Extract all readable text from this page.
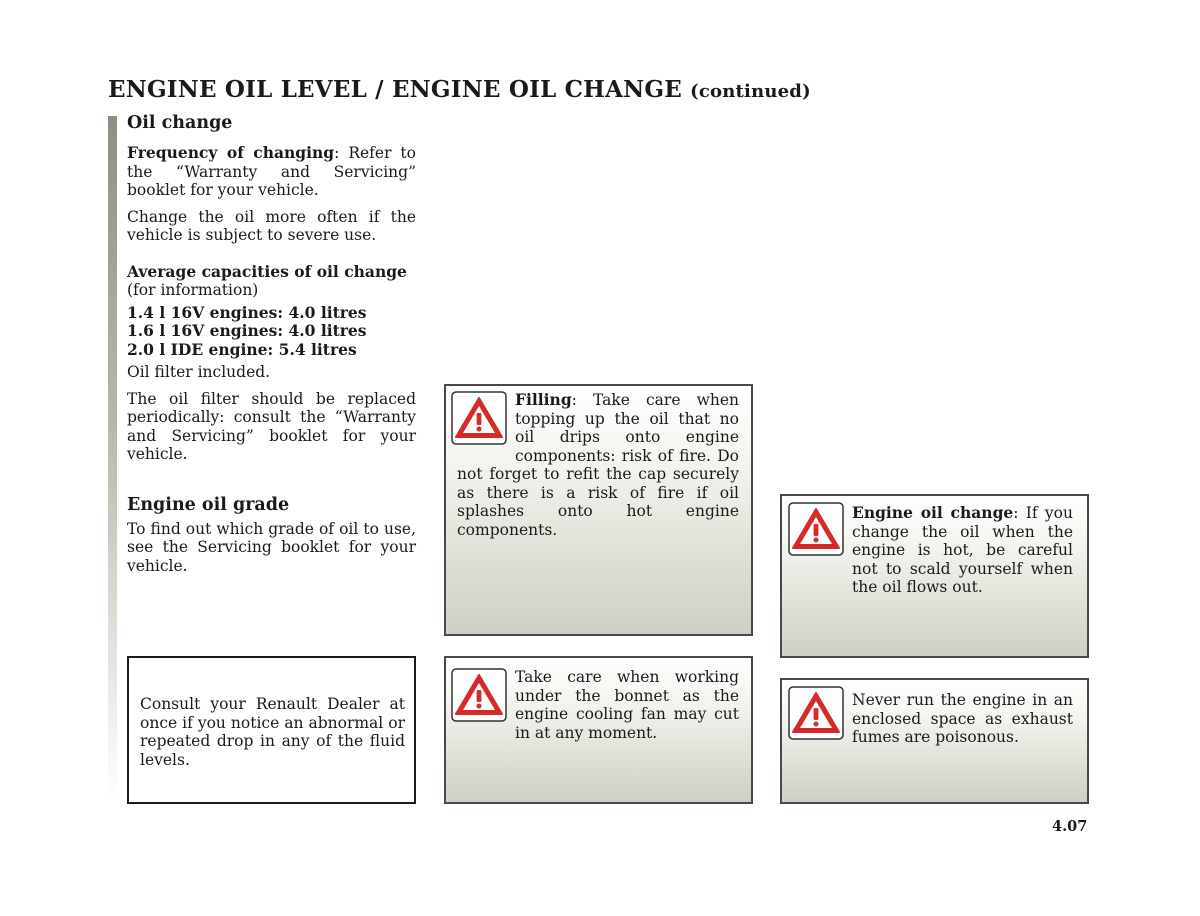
ENGINE OIL LEVEL / ENGINE OIL CHANGE (continued)
Oil change

Frequency of changing: Refer to the “Warranty and Servicing” booklet for your vehicle.

Change the oil more often if the vehicle is subject to severe use.

Average capacities of oil change
(for information)
1.4 l 16V engines: 4.0 litres
1.6 l 16V engines: 4.0 litres
2.0 l IDE engine: 5.4 litres

Oil filter included.

The oil filter should be replaced periodically: consult the “Warranty and Servicing” booklet for your vehicle.

Engine oil grade

To find out which grade of oil to use, see the Servicing booklet for your vehicle.

Consult your Renault Dealer at once if you notice an abnormal or repeated drop in any of the fluid levels.

Filling: Take care when topping up the oil that no oil drips onto engine components: risk of fire. Do not forget to refit the cap securely as there is a risk of fire if oil splashes onto hot engine components.
Take care when working under the bonnet as the engine cooling fan may cut in at any moment.
Engine oil change: If you change the oil when the engine is hot, be careful not to scald yourself when the oil flows out.
Never run the engine in an enclosed space as exhaust fumes are poisonous.
4.07
